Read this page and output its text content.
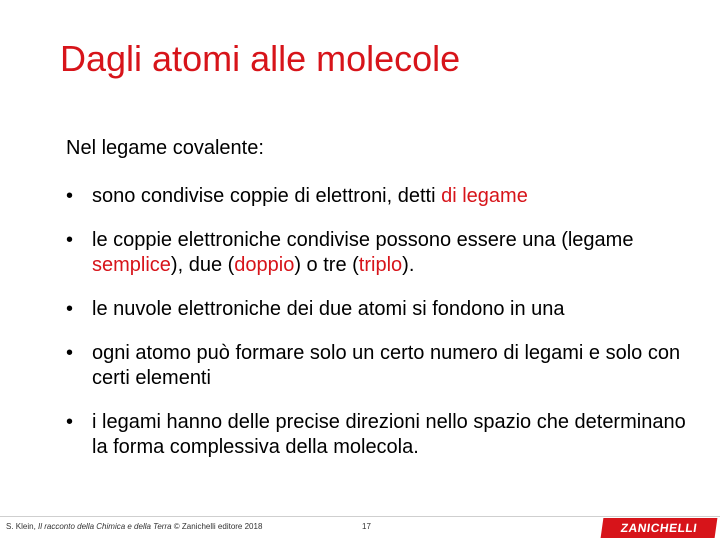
Dagli atomi alle molecole
Nel legame covalente:
• sono condivise coppie di elettroni, detti di legame
• le coppie elettroniche condivise possono essere una (legame semplice), due (doppio) o tre (triplo).
• le nuvole elettroniche dei due atomi si fondono in una
• ogni atomo può formare solo un certo numero di legami e solo con certi elementi
• i legami hanno delle precise direzioni nello spazio che determinano la forma complessiva della molecola.
S. Klein, Il racconto della Chimica e della Terra © Zanichelli editore 2018	17	ZANICHELLI
